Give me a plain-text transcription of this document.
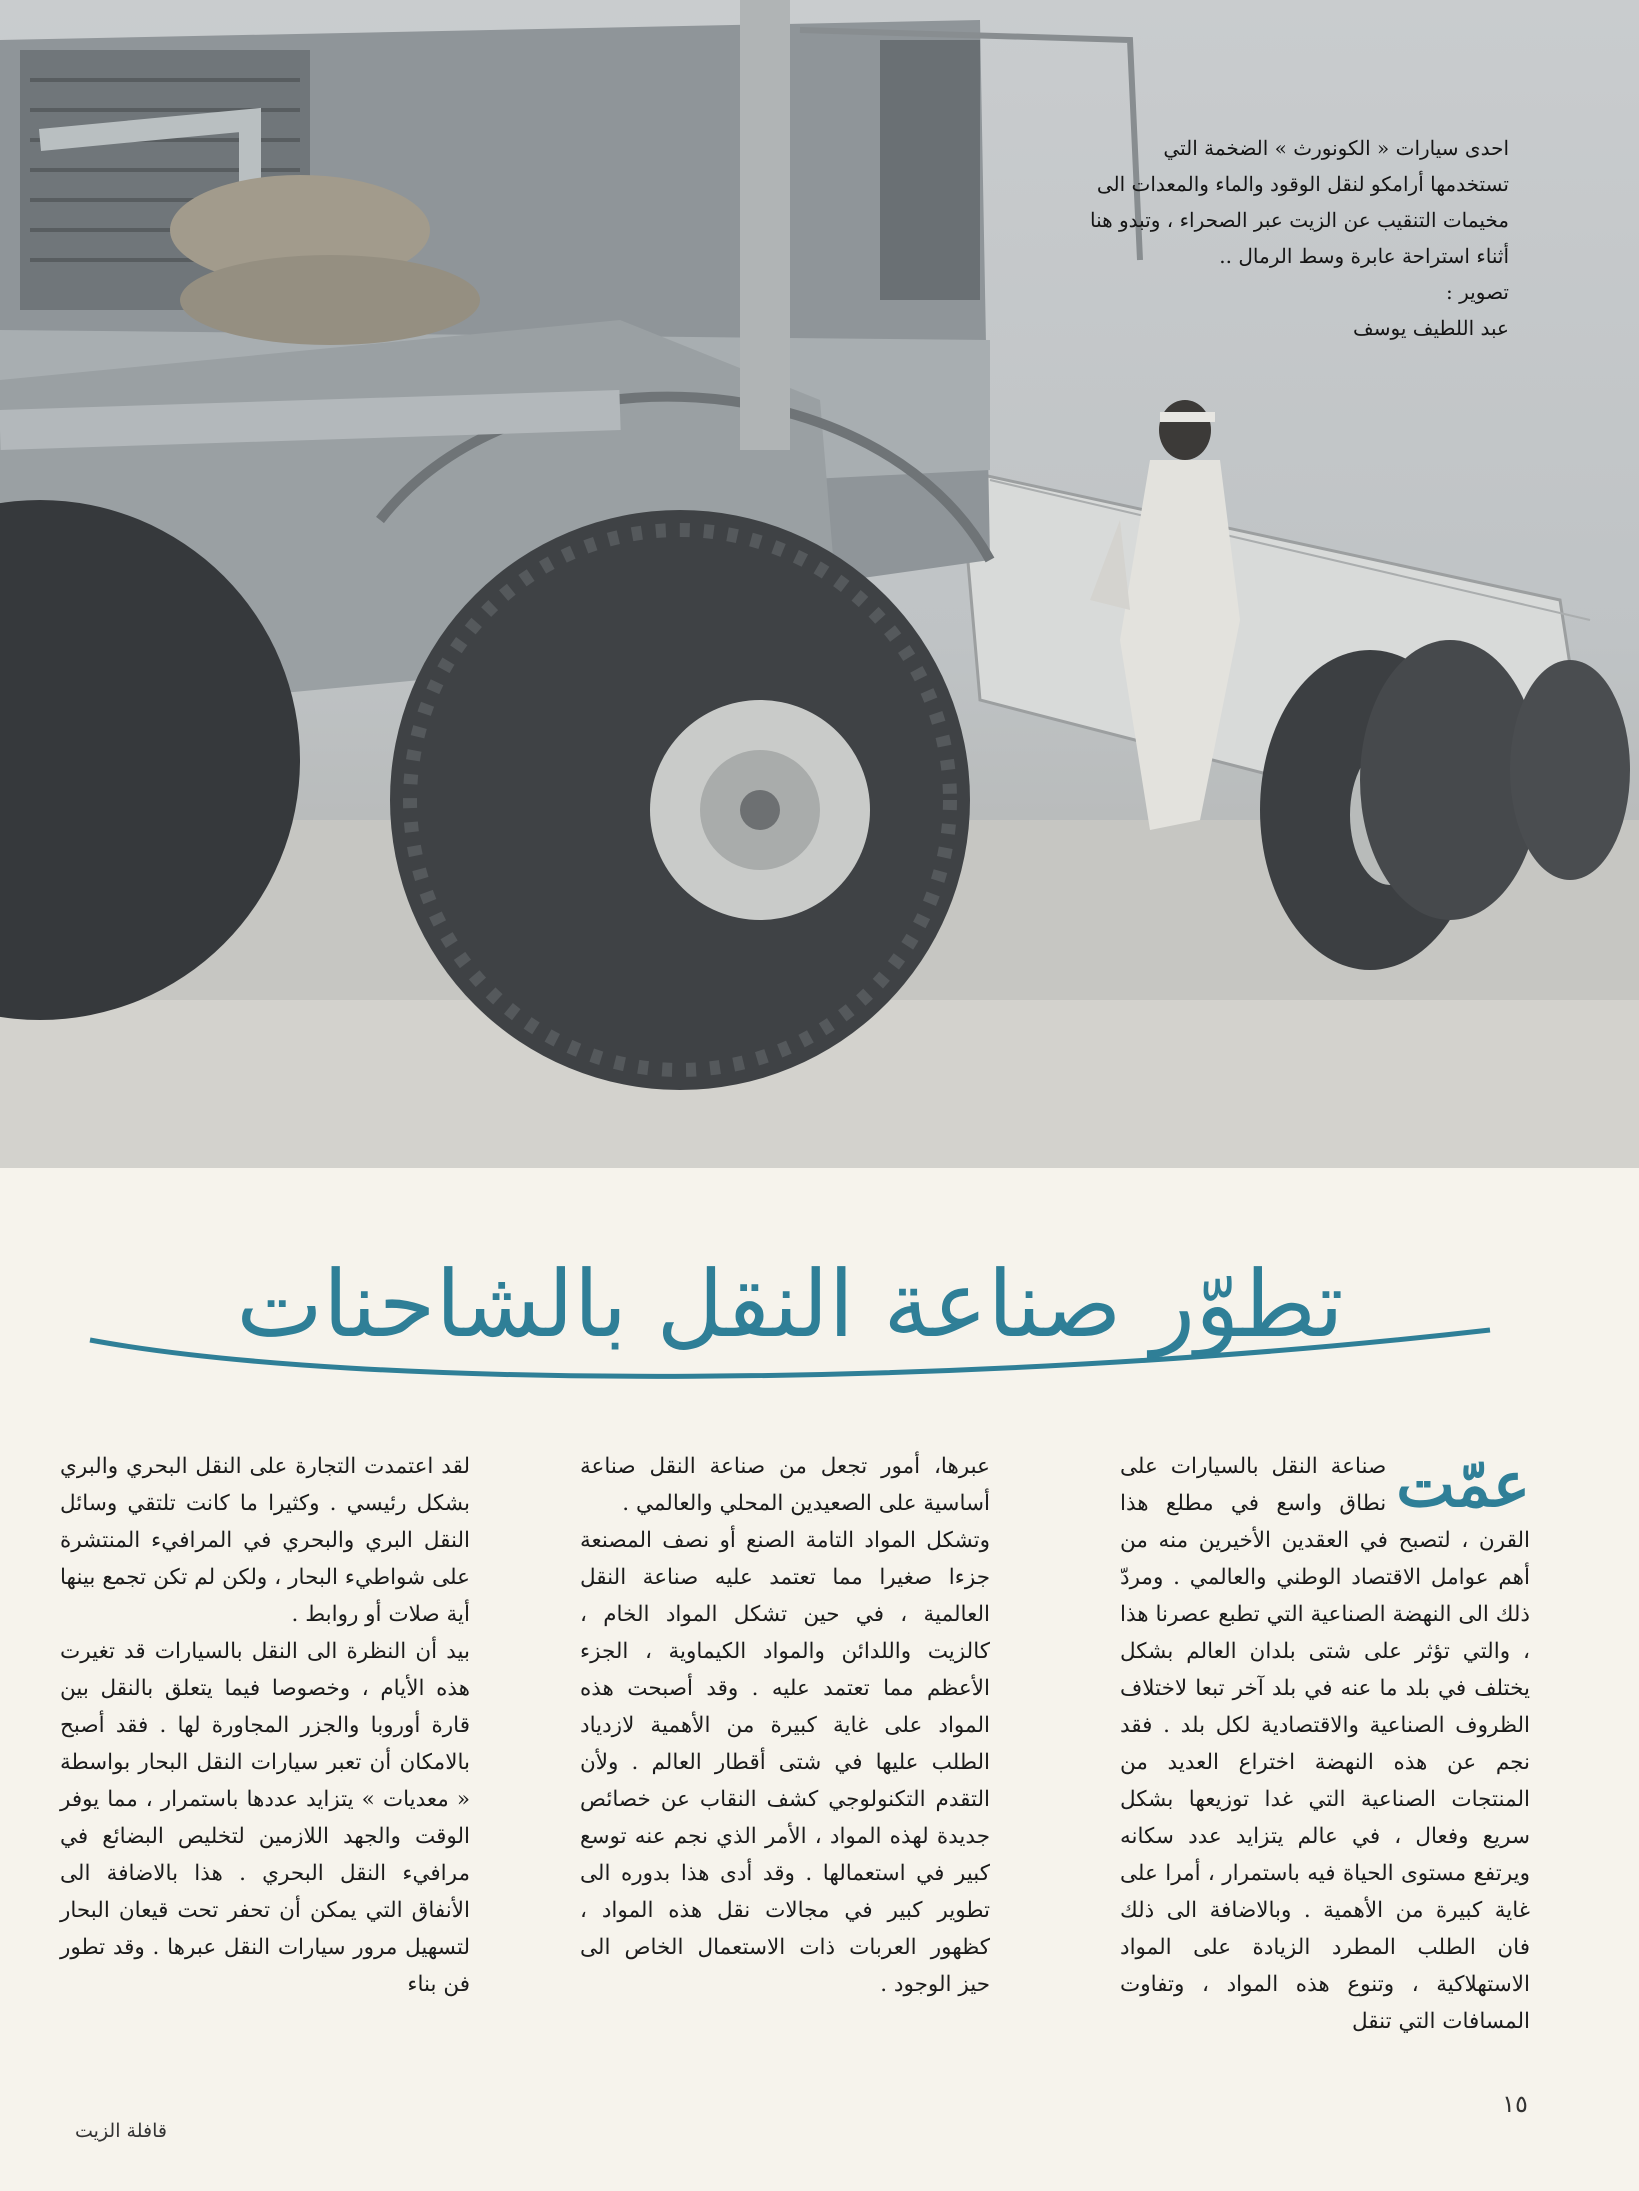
احدى سيارات « الكونورث » الضخمة التي تستخدمها أرامكو لنقل الوقود والماء والمعدات الى مخيمات التنقيب عن الزيت عبر الصحراء ، وتبدو هنا أثناء استراحة عابرة وسط الرمال ..

تصوير :

عبد اللطيف يوسف

تطوّر صناعة النقل بالشاحنات
عمّت

صناعة النقل بالسيارات على نطاق واسع في مطلع هذا القرن ، لتصبح في العقدين الأخيرين منه من أهم عوامل الاقتصاد الوطني والعالمي . ومردّ ذلك الى النهضة الصناعية التي تطبع عصرنا هذا ، والتي تؤثر على شتى بلدان العالم بشكل يختلف في بلد ما عنه في بلد آخر تبعا لاختلاف الظروف الصناعية والاقتصادية لكل بلد . فقد نجم عن هذه النهضة اختراع العديد من المنتجات الصناعية التي غدا توزيعها بشكل سريع وفعال ، في عالم يتزايد عدد سكانه ويرتفع مستوى الحياة فيه باستمرار ، أمرا على غاية كبيرة من الأهمية . وبالاضافة الى ذلك فان الطلب المطرد الزيادة على المواد الاستهلاكية ، وتنوع هذه المواد ، وتفاوت المسافات التي تنقل

عبرها، أمور تجعل من صناعة النقل صناعة أساسية على الصعيدين المحلي والعالمي .

وتشكل المواد التامة الصنع أو نصف المصنعة جزءا صغيرا مما تعتمد عليه صناعة النقل العالمية ، في حين تشكل المواد الخام ، كالزيت واللدائن والمواد الكيماوية ، الجزء الأعظم مما تعتمد عليه . وقد أصبحت هذه المواد على غاية كبيرة من الأهمية لازدياد الطلب عليها في شتى أقطار العالم . ولأن التقدم التكنولوجي كشف النقاب عن خصائص جديدة لهذه المواد ، الأمر الذي نجم عنه توسع كبير في استعمالها . وقد أدى هذا بدوره الى تطوير كبير في مجالات نقل هذه المواد ، كظهور العربات ذات الاستعمال الخاص الى حيز الوجود .

لقد اعتمدت التجارة على النقل البحري والبري بشكل رئيسي . وكثيرا ما كانت تلتقي وسائل النقل البري والبحري في المرافيء المنتشرة على شواطيء البحار ، ولكن لم تكن تجمع بينها أية صلات أو روابط .

بيد أن النظرة الى النقل بالسيارات قد تغيرت هذه الأيام ، وخصوصا فيما يتعلق بالنقل بين قارة أوروبا والجزر المجاورة لها . فقد أصبح بالامكان أن تعبر سيارات النقل البحار بواسطة « معديات » يتزايد عددها باستمرار ، مما يوفر الوقت والجهد اللازمين لتخليص البضائع في مرافيء النقل البحري . هذا بالاضافة الى الأنفاق التي يمكن أن تحفر تحت قيعان البحار لتسهيل مرور سيارات النقل عبرها . وقد تطور فن بناء

١٥
قافلة الزيت
